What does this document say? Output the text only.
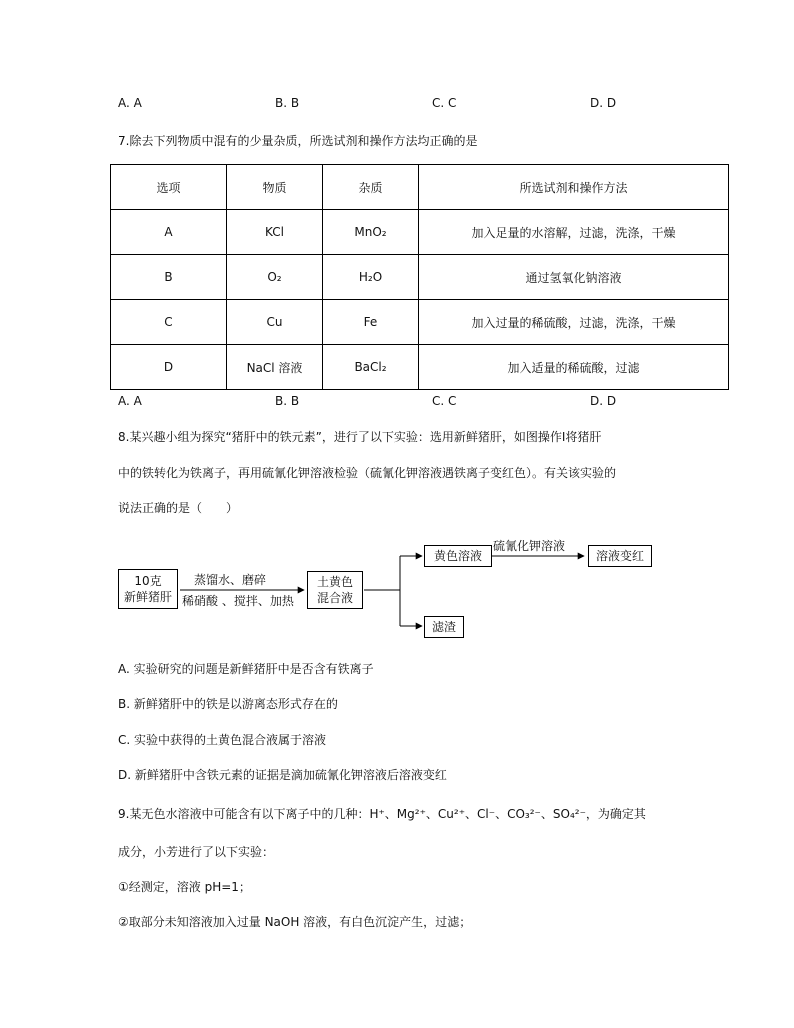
A. A	B. B	C. C	D. D
7.除去下列物质中混有的少量杂质，所选试剂和操作方法均正确的是
选项	物质	杂质	所选试剂和操作方法
A	KCl	MnO₂	加入足量的水溶解，过滤，洗涤，干燥
B	O₂	H₂O	通过氢氧化钠溶液
C	Cu	Fe	加入过量的稀硫酸，过滤，洗涤，干燥
D	NaCl 溶液	BaCl₂	加入适量的稀硫酸，过滤
A. A	B. B	C. C	D. D
8.某兴趣小组为探究“猪肝中的铁元素”，进行了以下实验：选用新鲜猪肝，如图操作Ⅰ将猪肝
中的铁转化为铁离子，再用硫氰化钾溶液检验（硫氰化钾溶液遇铁离子变红色）。有关该实验的
说法正确的是（　　）
10克
新鲜猪肝
蒸馏水、磨碎
稀硝酸 、搅拌、加热
土黄色
混合液
黄色溶液
硫氰化钾溶液
溶液变红
滤渣
A. 实验研究的问题是新鲜猪肝中是否含有铁离子
B. 新鲜猪肝中的铁是以游离态形式存在的
C. 实验中获得的土黄色混合液属于溶液
D. 新鲜猪肝中含铁元素的证据是滴加硫氰化钾溶液后溶液变红
9.某无色水溶液中可能含有以下离子中的几种：H⁺、Mg²⁺、Cu²⁺、Cl⁻、CO₃²⁻、SO₄²⁻，为确定其
成分，小芳进行了以下实验：
①经测定，溶液 pH=1；
②取部分未知溶液加入过量 NaOH 溶液，有白色沉淀产生，过滤；
